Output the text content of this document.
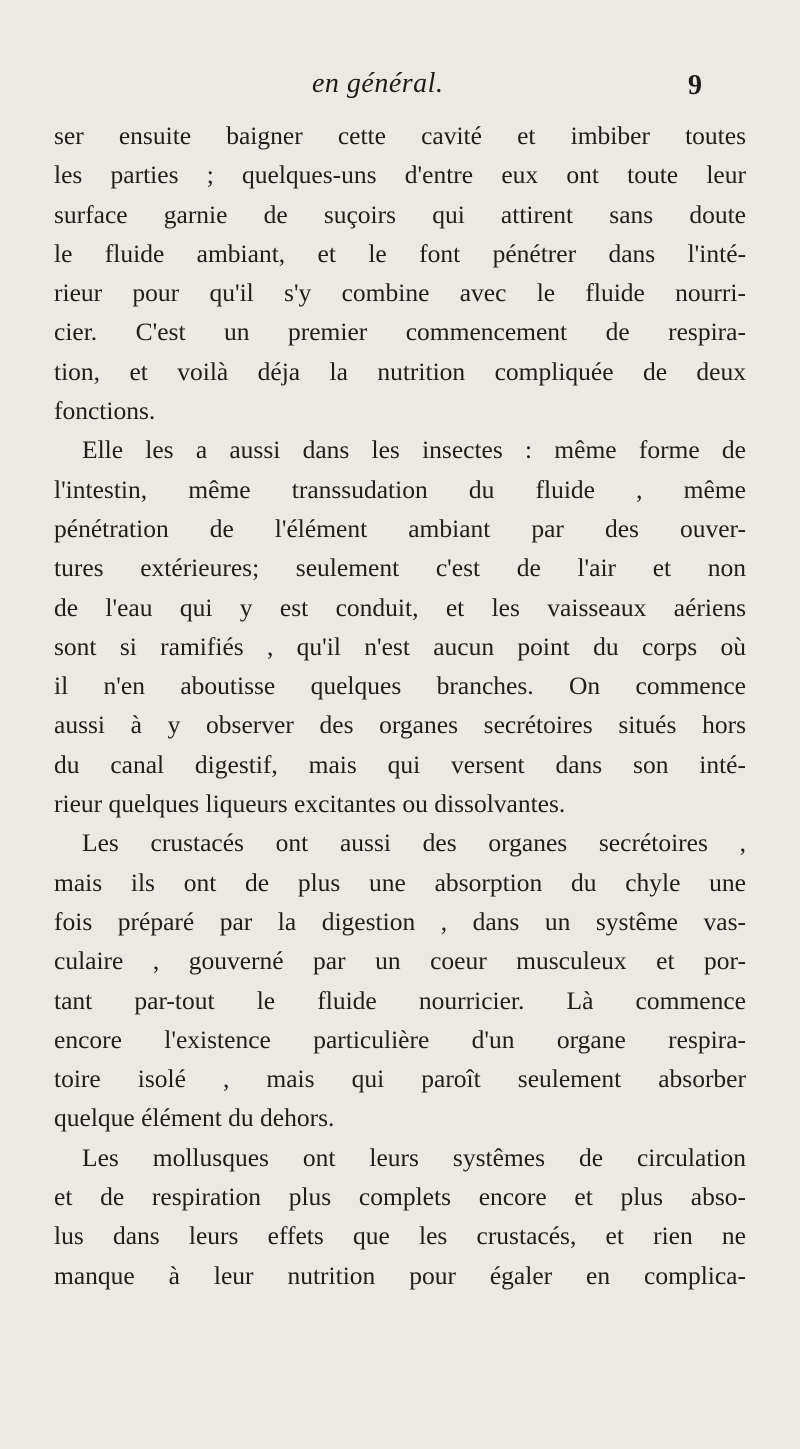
en général.	9
ser ensuite baigner cette cavité et imbiber toutes
les parties ; quelques-uns d'entre eux ont toute leur
surface garnie de suçoirs qui attirent sans doute
le fluide ambiant, et le font pénétrer dans l'inté-
rieur pour qu'il s'y combine avec le fluide nourri-
cier. C'est un premier commencement de respira-
tion, et voilà déja la nutrition compliquée de deux
fonctions.
Elle les a aussi dans les insectes : même forme de
l'intestin, même transsudation du fluide , même
pénétration de l'élément ambiant par des ouver-
tures extérieures; seulement c'est de l'air et non
de l'eau qui y est conduit, et les vaisseaux aériens
sont si ramifiés , qu'il n'est aucun point du corps où
il n'en aboutisse quelques branches. On commence
aussi à y observer des organes secrétoires situés hors
du canal digestif, mais qui versent dans son inté-
rieur quelques liqueurs excitantes ou dissolvantes.
Les crustacés ont aussi des organes secrétoires ,
mais ils ont de plus une absorption du chyle une
fois préparé par la digestion , dans un systême vas-
culaire , gouverné par un coeur musculeux et por-
tant par-tout le fluide nourricier. Là commence
encore l'existence particulière d'un organe respira-
toire isolé , mais qui paroît seulement absorber
quelque élément du dehors.
Les mollusques ont leurs systêmes de circulation
et de respiration plus complets encore et plus abso-
lus dans leurs effets que les crustacés, et rien ne
manque à leur nutrition pour égaler en complica-
